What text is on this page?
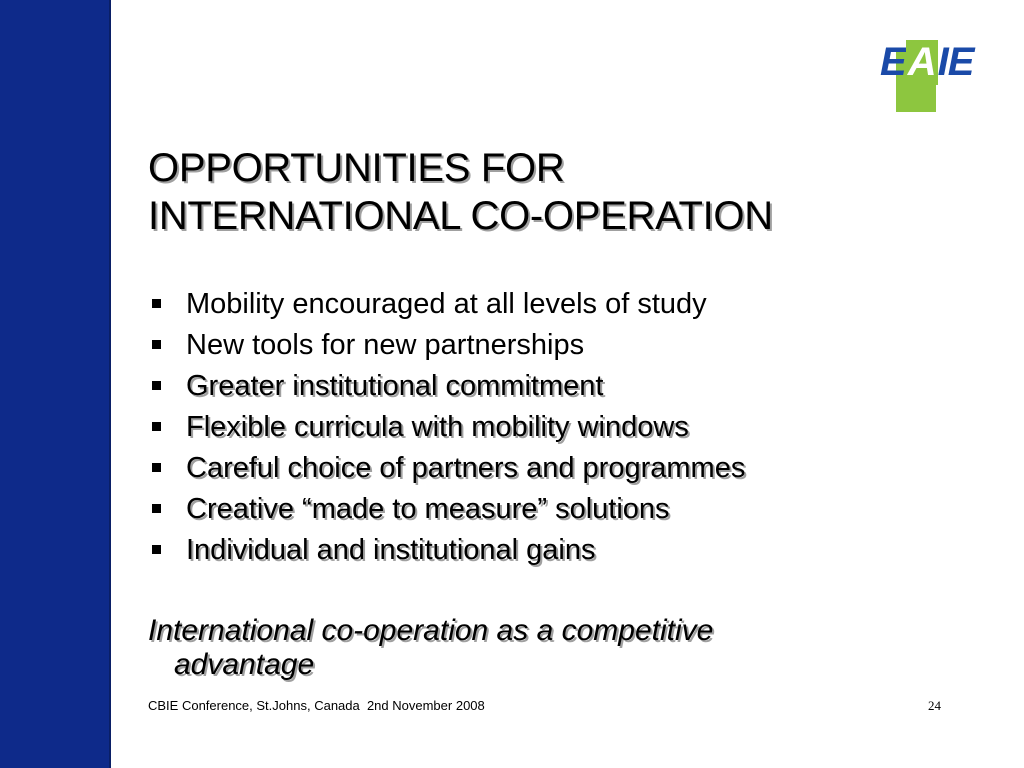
EAIE
OPPORTUNITIES FOR
INTERNATIONAL CO-OPERATION
Mobility encouraged at all levels of study
New tools for new partnerships
Greater institutional commitment
Flexible curricula with mobility windows
Careful choice of partners and programmes
Creative “made to measure” solutions
Individual and institutional gains
International co-operation as a competitive
advantage
CBIE Conference, St.Johns, Canada  2nd November 2008	24
